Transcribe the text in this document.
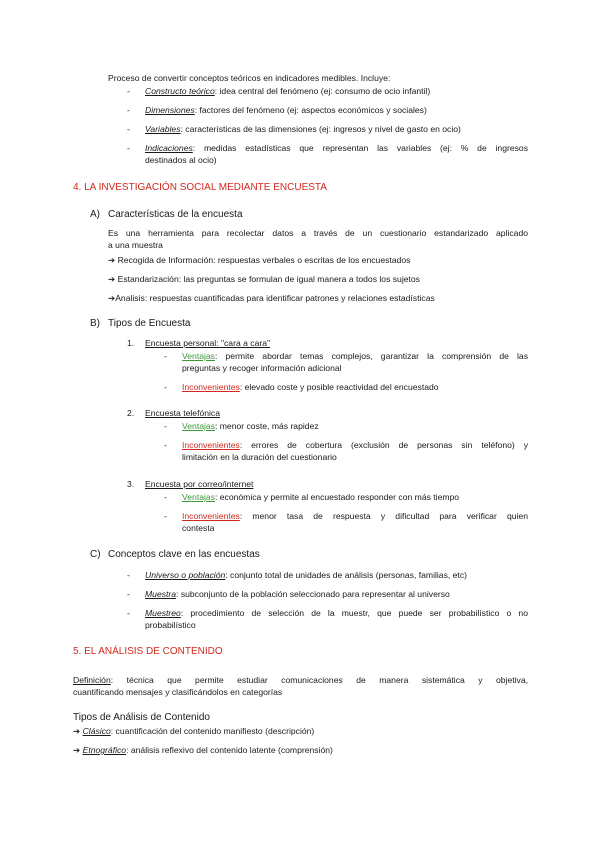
Proceso de convertir conceptos teóricos en indicadores medibles. Incluye:
- Constructo teórico: idea central del fenómeno (ej: consumo de ocio infantil)
- Dimensiones: factores del fenómeno (ej: aspectos económicos y sociales)
- Variables: características de las dimensiones (ej: ingresos y nivel de gasto en ocio)
- Indicaciones: medidas estadísticas que representan las variables (ej: % de ingresos
destinados al ocio)
4. LA INVESTIGACIÓN SOCIAL MEDIANTE ENCUESTA
A) Características de la encuesta
Es una herramienta para recolectar datos a través de un cuestionario estandarizado aplicado
a una muestra
➔ Recogida de Información: respuestas verbales o escritas de los encuestados
➔ Estandarización: las preguntas se formulan de igual manera a todos los sujetos
➔Analisis: respuestas cuantificadas para identificar patrones y relaciones estadísticas
B) Tipos de Encuesta
1. Encuesta personal: "cara a cara"
- Ventajas: permite abordar temas complejos, garantizar la comprensión de las
preguntas y recoger información adicional
- Inconvenientes: elevado coste y posible reactividad del encuestado
2. Encuesta telefónica
- Ventajas: menor coste, más rapidez
- Inconvenientes: errores de cobertura (exclusión de personas sin teléfono) y
limitación en la duración del cuestionario
3. Encuesta por correo/internet
- Ventajas: económica y permite al encuestado responder con más tiempo
- Inconvenientes: menor tasa de respuesta y dificultad para verificar quien
contesta
C) Conceptos clave en las encuestas
- Universo o población: conjunto total de unidades de análisis (personas, familias, etc)
- Muestra: subconjunto de la población seleccionado para representar al universo
- Muestreo: procedimiento de selección de la muestr, que puede ser probabilístico o no
probabilístico
5. EL ANÁLISIS DE CONTENIDO
Definición: técnica que permite estudiar comunicaciones de manera sistemática y objetiva,
cuantificando mensajes y clasificándolos en categorías
Tipos de Análisis de Contenido
➔ Clásico: cuantificación del contenido manifiesto (descripción)
➔ Etnográfico: análisis reflexivo del contenido latente (comprensión)
